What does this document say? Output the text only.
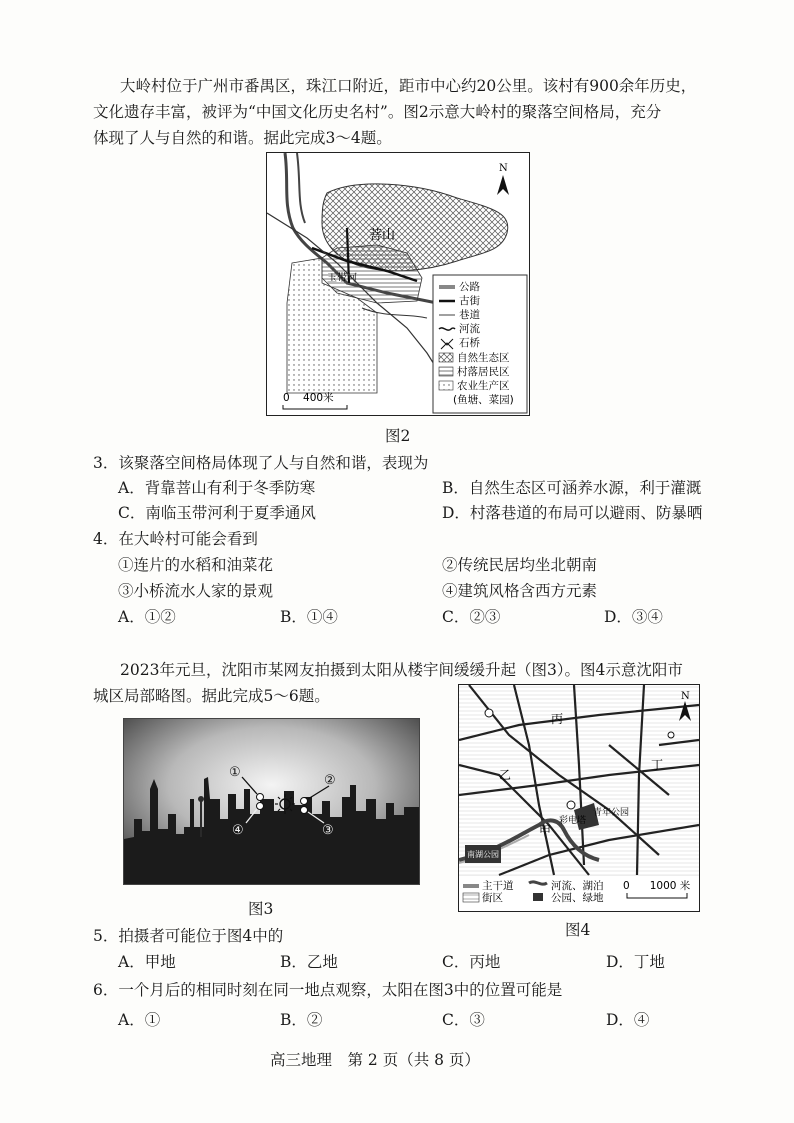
大岭村位于广州市番禺区，珠江口附近，距市中心约20公里。该村有900余年历史，
文化遗存丰富，被评为“中国文化历史名村”。图2示意大岭村的聚落空间格局，充分
体现了人与自然的和谐。据此完成3～4题。
菩山
玉带河
N
公路
古街
巷道
河流
石桥
自然生态区
村落居民区
农业生产区
(鱼塘、菜园)
0    400米
图2
3．该聚落空间格局体现了人与自然和谐，表现为
A．背靠菩山有利于冬季防寒	B．自然生态区可涵养水源，利于灌溉
C．南临玉带河利于夏季通风	D．村落巷道的布局可以避雨、防暴晒
4．在大岭村可能会看到
①连片的水稻和油菜花	②传统民居均坐北朝南
③小桥流水人家的景观	④建筑风格含西方元素
A．①②	B．①④	C．②③	D．③④
2023年元旦，沈阳市某网友拍摄到太阳从楼宇间缓缓升起（图3）。图4示意沈阳市
城区局部略图。据此完成5～6题。
①
②
③
④
图3
丙
乙
丁
甲
彩电塔
青年公园
南湖公园
N
主干道
街区
河流、湖泊
公园、绿地
0      1000 米
图4
5．拍摄者可能位于图4中的
A．甲地	B．乙地	C．丙地	D．丁地
6．一个月后的相同时刻在同一地点观察，太阳在图3中的位置可能是
A．①	B．②	C．③	D．④
高三地理　第 2 页（共 8 页）
